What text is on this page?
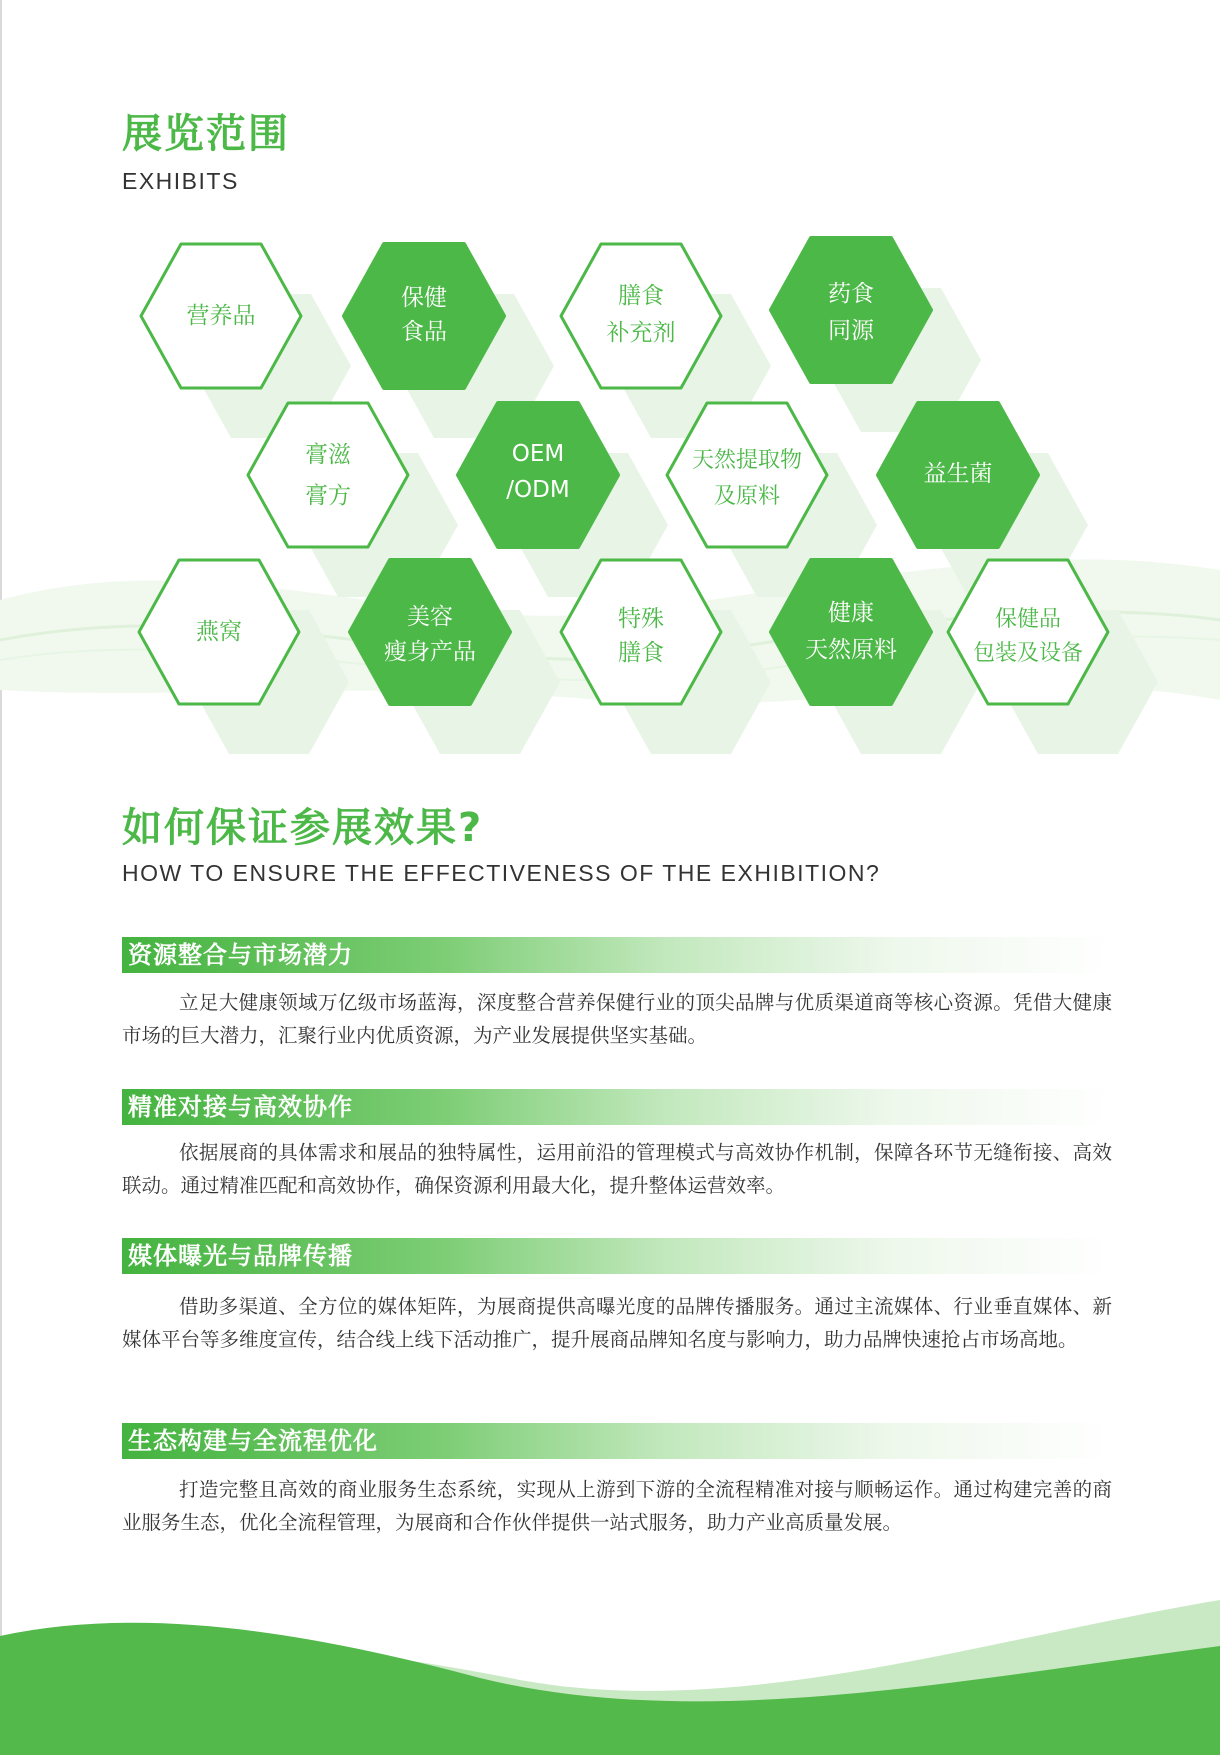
展览范围
EXHIBITS
营养品
保健
食品
膳食
补充剂
药食
同源
膏滋
膏方
OEM
/ODM
天然提取物
及原料
益生菌
燕窝
美容
瘦身产品
特殊
膳食
健康
天然原料
保健品
包装及设备
如何保证参展效果?
HOW TO ENSURE THE EFFECTIVENESS OF THE EXHIBITION?
资源整合与市场潜力

立足大健康领域万亿级市场蓝海，深度整合营养保健行业的顶尖品牌与优质渠道商等核心资源。凭借大健康市场的巨大潜力，汇聚行业内优质资源，为产业发展提供坚实基础。

精准对接与高效协作

依据展商的具体需求和展品的独特属性，运用前沿的管理模式与高效协作机制，保障各环节无缝衔接、高效联动。通过精准匹配和高效协作，确保资源利用最大化，提升整体运营效率。

媒体曝光与品牌传播

借助多渠道、全方位的媒体矩阵，为展商提供高曝光度的品牌传播服务。通过主流媒体、行业垂直媒体、新媒体平台等多维度宣传，结合线上线下活动推广，提升展商品牌知名度与影响力，助力品牌快速抢占市场高地。

生态构建与全流程优化

打造完整且高效的商业服务生态系统，实现从上游到下游的全流程精准对接与顺畅运作。通过构建完善的商业服务生态，优化全流程管理，为展商和合作伙伴提供一站式服务，助力产业高质量发展。
